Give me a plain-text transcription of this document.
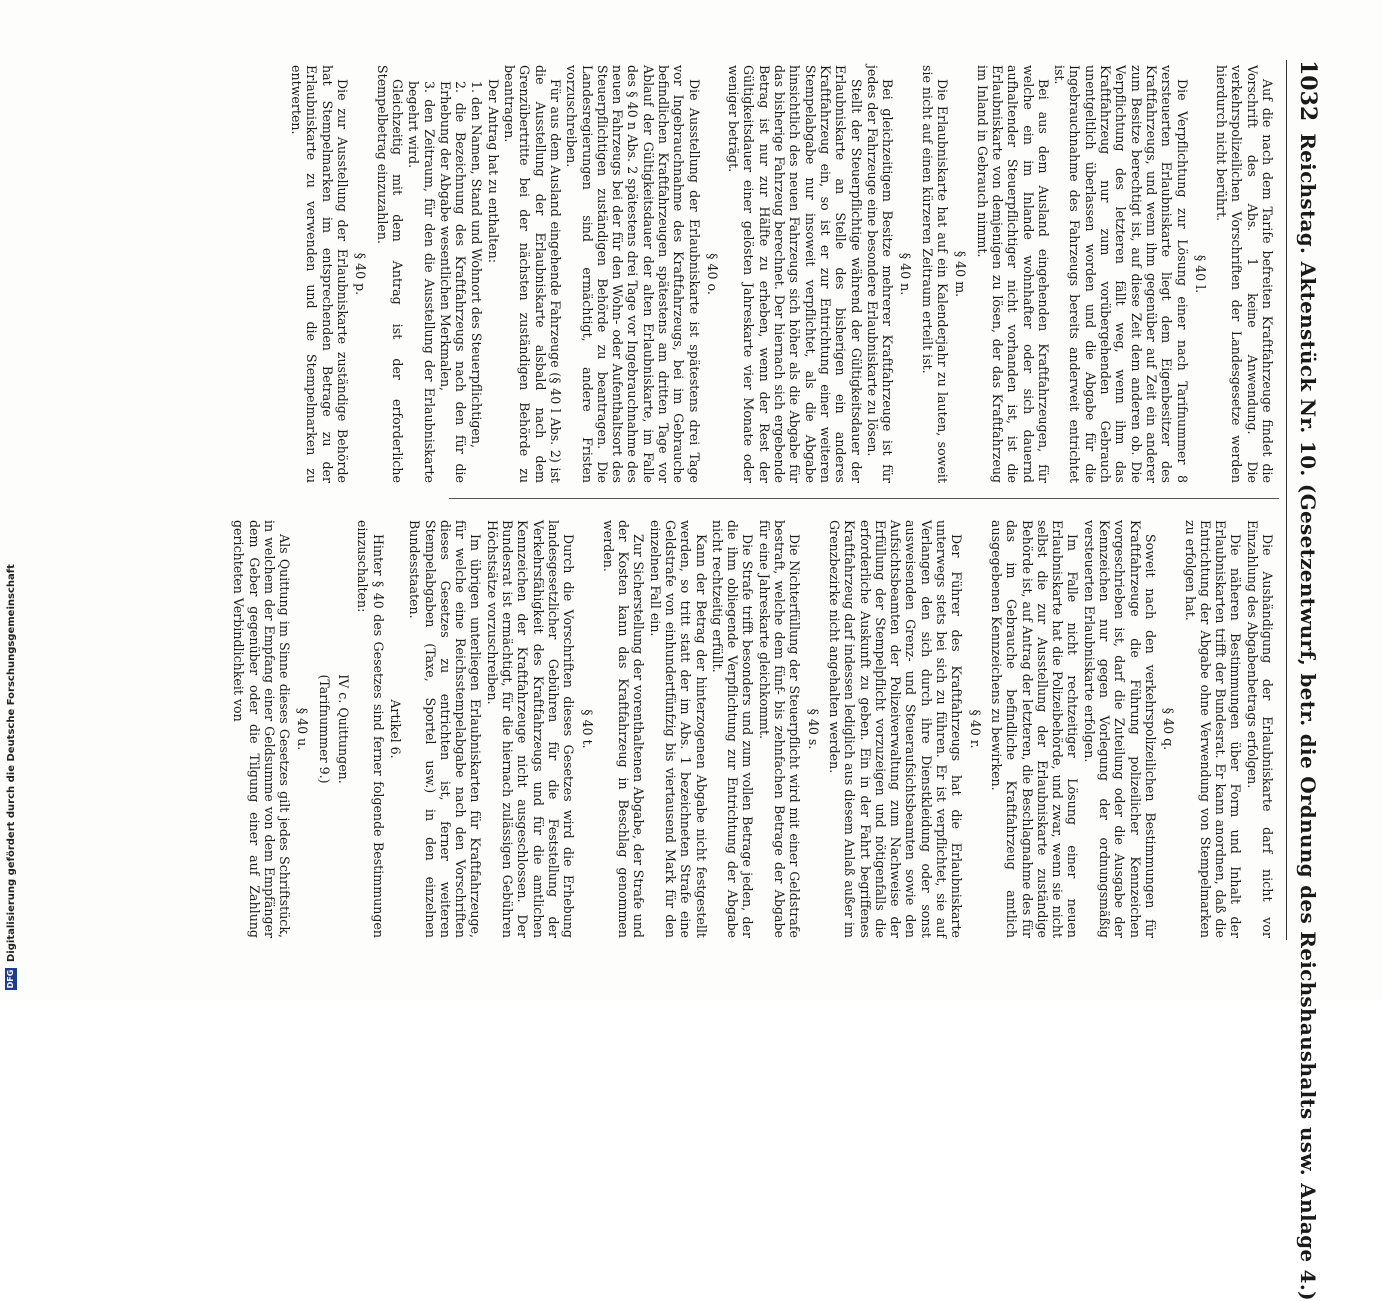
1032
Reichstag. Aktenstück Nr. 10. (Gesetzentwurf, betr. die Ordnung des Reichshaushalts usw. Anlage 4.)

Auf die nach dem Tarife befreiten Kraftfahrzeuge findet die Vorschrift des Abs. 1 keine Anwendung. Die verkehrspolizeilichen Vorschriften der Landesgesetze werden hierdurch nicht berührt.

§ 40 l.

Die Verpflichtung zur Lösung einer nach Tarifnummer 8 versteuerten Erlaubniskarte liegt dem Eigenbesitzer des Kraftfahrzeugs, und wenn ihm gegenüber auf Zeit ein anderer zum Besitze berechtigt ist, auf diese Zeit dem anderen ob. Die Verpflichtung des letzteren fällt weg, wenn ihm das Kraftfahrzeug nur zum vorübergehenden Gebrauch unentgeltlich überlassen worden und die Abgabe für die Ingebrauchnahme des Fahrzeugs bereits anderweit entrichtet ist.

Bei aus dem Ausland eingehenden Kraftfahrzeugen, für welche ein im Inlande wohnhafter oder sich dauernd aufhaltender Steuerpflichtiger nicht vorhanden ist, ist die Erlaubniskarte von demjenigen zu lösen, der das Kraftfahrzeug im Inland in Gebrauch nimmt.

§ 40 m.

Die Erlaubniskarte hat auf ein Kalenderjahr zu lauten, soweit sie nicht auf einen kürzeren Zeitraum erteilt ist.

§ 40 n.

Bei gleichzeitigem Besitze mehrerer Kraftfahrzeuge ist für jedes der Fahrzeuge eine besondere Erlaubniskarte zu lösen.

Stellt der Steuerpflichtige während der Gültigkeitsdauer der Erlaubniskarte an Stelle des bisherigen ein anderes Kraftfahrzeug ein, so ist er zur Entrichtung einer weiteren Stempelabgabe nur insoweit verpflichtet, als die Abgabe hinsichtlich des neuen Fahrzeugs sich höher als die Abgabe für das bisherige Fahrzeug berechnet. Der hiernach sich ergebende Betrag ist nur zur Hälfte zu erheben, wenn der Rest der Gültigkeitsdauer einer gelösten Jahreskarte vier Monate oder weniger beträgt.

§ 40 o.

Die Ausstellung der Erlaubniskarte ist spätestens drei Tage vor Ingebrauchnahme des Kraftfahrzeugs, bei im Gebrauche befindlichen Kraftfahrzeugen spätestens am dritten Tage vor Ablauf der Gültigkeitsdauer der alten Erlaubniskarte, im Falle des § 40 n Abs. 2 spätestens drei Tage vor Ingebrauchnahme des neuen Fahrzeugs bei der für den Wohn- oder Aufenthaltsort des Steuerpflichtigen zuständigen Behörde zu beantragen. Die Landesregierungen sind ermächtigt, andere Fristen vorzuschreiben.

Für aus dem Ausland eingehende Fahrzeuge (§ 40 l Abs. 2) ist die Ausstellung der Erlaubniskarte alsbald nach dem Grenzübertritte bei der nächsten zuständigen Behörde zu beantragen.

Der Antrag hat zu enthalten:

1. den Namen, Stand und Wohnort des Steuerpflichtigen,

2. die Bezeichnung des Kraftfahrzeugs nach den für die Erhebung der Abgabe wesentlichen Merkmalen,

3. den Zeitraum, für den die Ausstellung der Erlaubniskarte begehrt wird.

Gleichzeitig mit dem Antrag ist der erforderliche Stempelbetrag einzuzahlen.

§ 40 p.

Die zur Ausstellung der Erlaubniskarte zuständige Behörde hat Stempelmarken im entsprechenden Betrage zu der Erlaubniskarte zu verwenden und die Stempelmarken zu entwerten.

Die Aushändigung der Erlaubniskarte darf nicht vor Einzahlung des Abgabenbetrags erfolgen.

Die näheren Bestimmungen über Form und Inhalt der Erlaubniskarten trifft der Bundesrat. Er kann anordnen, daß die Entrichtung der Abgabe ohne Verwendung von Stempelmarken zu erfolgen hat.

§ 40 q.

Soweit nach den verkehrspolizeilichen Bestimmungen für Kraftfahrzeuge die Führung polizeilicher Kennzeichen vorgeschrieben ist, darf die Zuteilung oder die Ausgabe der Kennzeichen nur gegen Vorlegung der ordnungsmäßig versteuerten Erlaubniskarte erfolgen.

Im Falle nicht rechtzeitiger Lösung einer neuen Erlaubniskarte hat die Polizeibehörde, und zwar, wenn sie nicht selbst die zur Ausstellung der Erlaubniskarte zuständige Behörde ist, auf Antrag der letzteren, die Beschlagnahme des für das im Gebrauche befindliche Kraftfahrzeug amtlich ausgegebenen Kennzeichens zu bewirken.

§ 40 r.

Der Führer des Kraftfahrzeugs hat die Erlaubniskarte unterwegs stets bei sich zu führen. Er ist verpflichtet, sie auf Verlangen den sich durch ihre Dienstkleidung oder sonst ausweisenden Grenz- und Steueraufsichtsbeamten sowie den Aufsichtsbeamten der Polizeiverwaltung zum Nachweise der Erfüllung der Stempelpflicht vorzuzeigen und nötigenfalls die erforderliche Auskunft zu geben. Ein in der Fahrt begriffenes Kraftfahrzeug darf indessen lediglich aus diesem Anlaß außer im Grenzbezirke nicht angehalten werden.

§ 40 s.

Die Nichterfüllung der Steuerpflicht wird mit einer Geldstrafe bestraft, welche dem fünf- bis zehnfachen Betrage der Abgabe für eine Jahreskarte gleichkommt.

Die Strafe trifft besonders und zum vollen Betrage jeden, der die ihm obliegende Verpflichtung zur Entrichtung der Abgabe nicht rechtzeitig erfüllt.

Kann der Betrag der hinterzogenen Abgabe nicht festgestellt werden, so tritt statt der im Abs. 1 bezeichneten Strafe eine Geldstrafe von einhundertfünfzig bis viertausend Mark für den einzelnen Fall ein.

Zur Sicherstellung der vorenthaltenen Abgabe, der Strafe und der Kosten kann das Kraftfahrzeug in Beschlag genommen werden.

§ 40 t.

Durch die Vorschriften dieses Gesetzes wird die Erhebung landesgesetzlicher Gebühren für die Feststellung der Verkehrsfähigkeit des Kraftfahrzeugs und für die amtlichen Kennzeichen der Kraftfahrzeuge nicht ausgeschlossen. Der Bundesrat ist ermächtigt, für die hiernach zulässigen Gebühren Höchstsätze vorzuschreiben.

Im übrigen unterliegen Erlaubniskarten für Kraftfahrzeuge, für welche eine Reichsstempelabgabe nach den Vorschriften dieses Gesetzes zu entrichten ist, ferner weiteren Stempelabgaben (Taxe, Sportel usw.) in den einzelnen Bundesstaaten.

Artikel 6.

Hinter § 40 des Gesetzes sind ferner folgende Bestimmungen einzuschalten:

IV c. Quittungen.

(Tarifnummer 9.)

§ 40 u.

Als Quittung im Sinne dieses Gesetzes gilt jedes Schriftstück, in welchem der Empfang einer Geldsumme von dem Empfänger dem Geber gegenüber oder die Tilgung einer auf Zahlung gerichteten Verbindlichkeit von

DFG
Digitalisierung gefördert durch die Deutsche Forschungsgemeinschaft
